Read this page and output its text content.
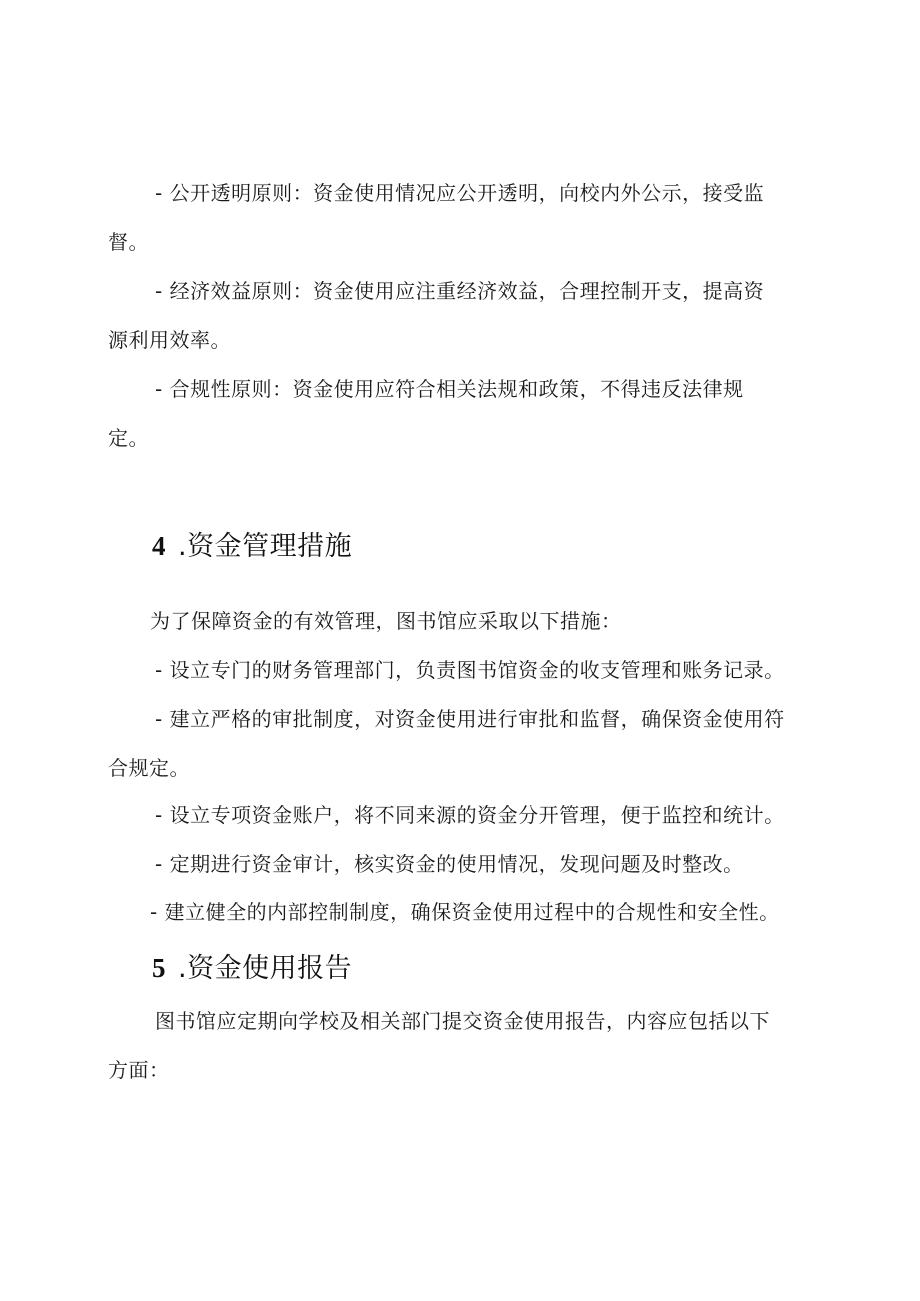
- 公开透明原则：资金使用情况应公开透明，向校内外公示，接受监
督。
- 经济效益原则：资金使用应注重经济效益，合理控制开支，提高资
源利用效率。
- 合规性原则：资金使用应符合相关法规和政策，不得违反法律规
定。
4 .资金管理措施
为了保障资金的有效管理，图书馆应采取以下措施：
- 设立专门的财务管理部门，负责图书馆资金的收支管理和账务记录。
- 建立严格的审批制度，对资金使用进行审批和监督，确保资金使用符
合规定。
- 设立专项资金账户，将不同来源的资金分开管理，便于监控和统计。
- 定期进行资金审计，核实资金的使用情况，发现问题及时整改。
- 建立健全的内部控制制度，确保资金使用过程中的合规性和安全性。
5 .资金使用报告
图书馆应定期向学校及相关部门提交资金使用报告，内容应包括以下
方面：
